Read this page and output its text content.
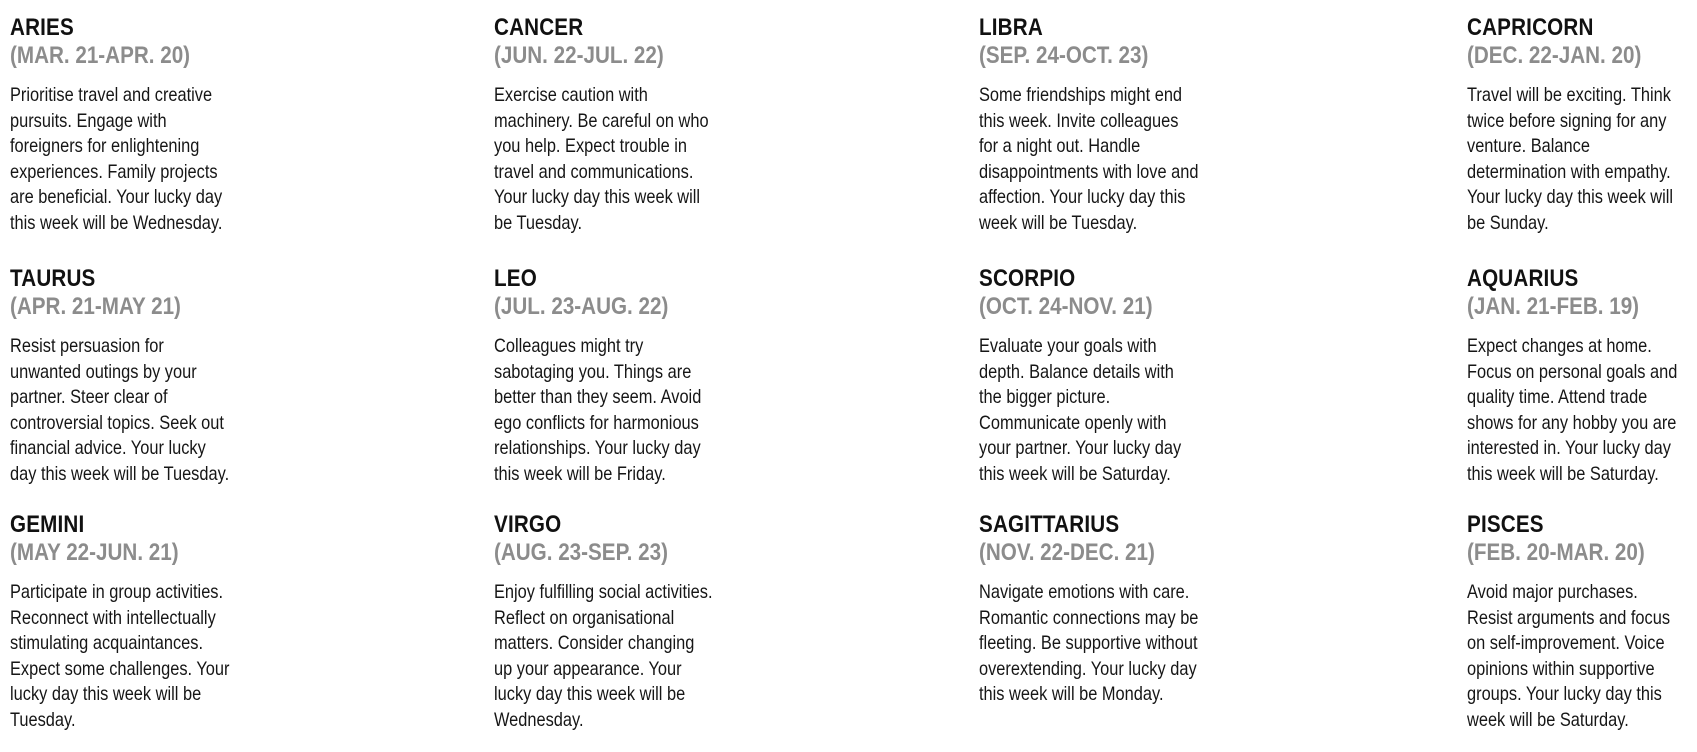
ARIES
(MAR. 21-APR. 20)
Prioritise travel and creative pursuits. Engage with foreigners for enlightening experiences. Family projects are beneficial. Your lucky day this week will be Wednesday.
TAURUS
(APR. 21-MAY 21)
Resist persuasion for unwanted outings by your partner. Steer clear of controversial topics. Seek out financial advice. Your lucky day this week will be Tuesday.
GEMINI
(MAY 22-JUN. 21)
Participate in group activities. Reconnect with intellectually stimulating acquaintances. Expect some challenges. Your lucky day this week will be Tuesday.
CANCER
(JUN. 22-JUL. 22)
Exercise caution with machinery. Be careful on who you help. Expect trouble in travel and communications. Your lucky day this week will be Tuesday.
LEO
(JUL. 23-AUG. 22)
Colleagues might try sabotaging you. Things are better than they seem. Avoid ego conflicts for harmonious relationships. Your lucky day this week will be Friday.
VIRGO
(AUG. 23-SEP. 23)
Enjoy fulfilling social activities. Reflect on organisational matters. Consider changing up your appearance. Your lucky day this week will be Wednesday.
LIBRA
(SEP. 24-OCT. 23)
Some friendships might end this week. Invite colleagues for a night out. Handle disappointments with love and affection. Your lucky day this week will be Tuesday.
SCORPIO
(OCT. 24-NOV. 21)
Evaluate your goals with depth. Balance details with the bigger picture. Communicate openly with your partner. Your lucky day this week will be Saturday.
SAGITTARIUS
(NOV. 22-DEC. 21)
Navigate emotions with care. Romantic connections may be fleeting. Be supportive without overextending. Your lucky day this week will be Monday.
CAPRICORN
(DEC. 22-JAN. 20)
Travel will be exciting. Think twice before signing for any venture. Balance determination with empathy. Your lucky day this week will be Sunday.
AQUARIUS
(JAN. 21-FEB. 19)
Expect changes at home. Focus on personal goals and quality time. Attend trade shows for any hobby you are interested in. Your lucky day this week will be Saturday.
PISCES
(FEB. 20-MAR. 20)
Avoid major purchases. Resist arguments and focus on self-improvement. Voice opinions within supportive groups. Your lucky day this week will be Saturday.
